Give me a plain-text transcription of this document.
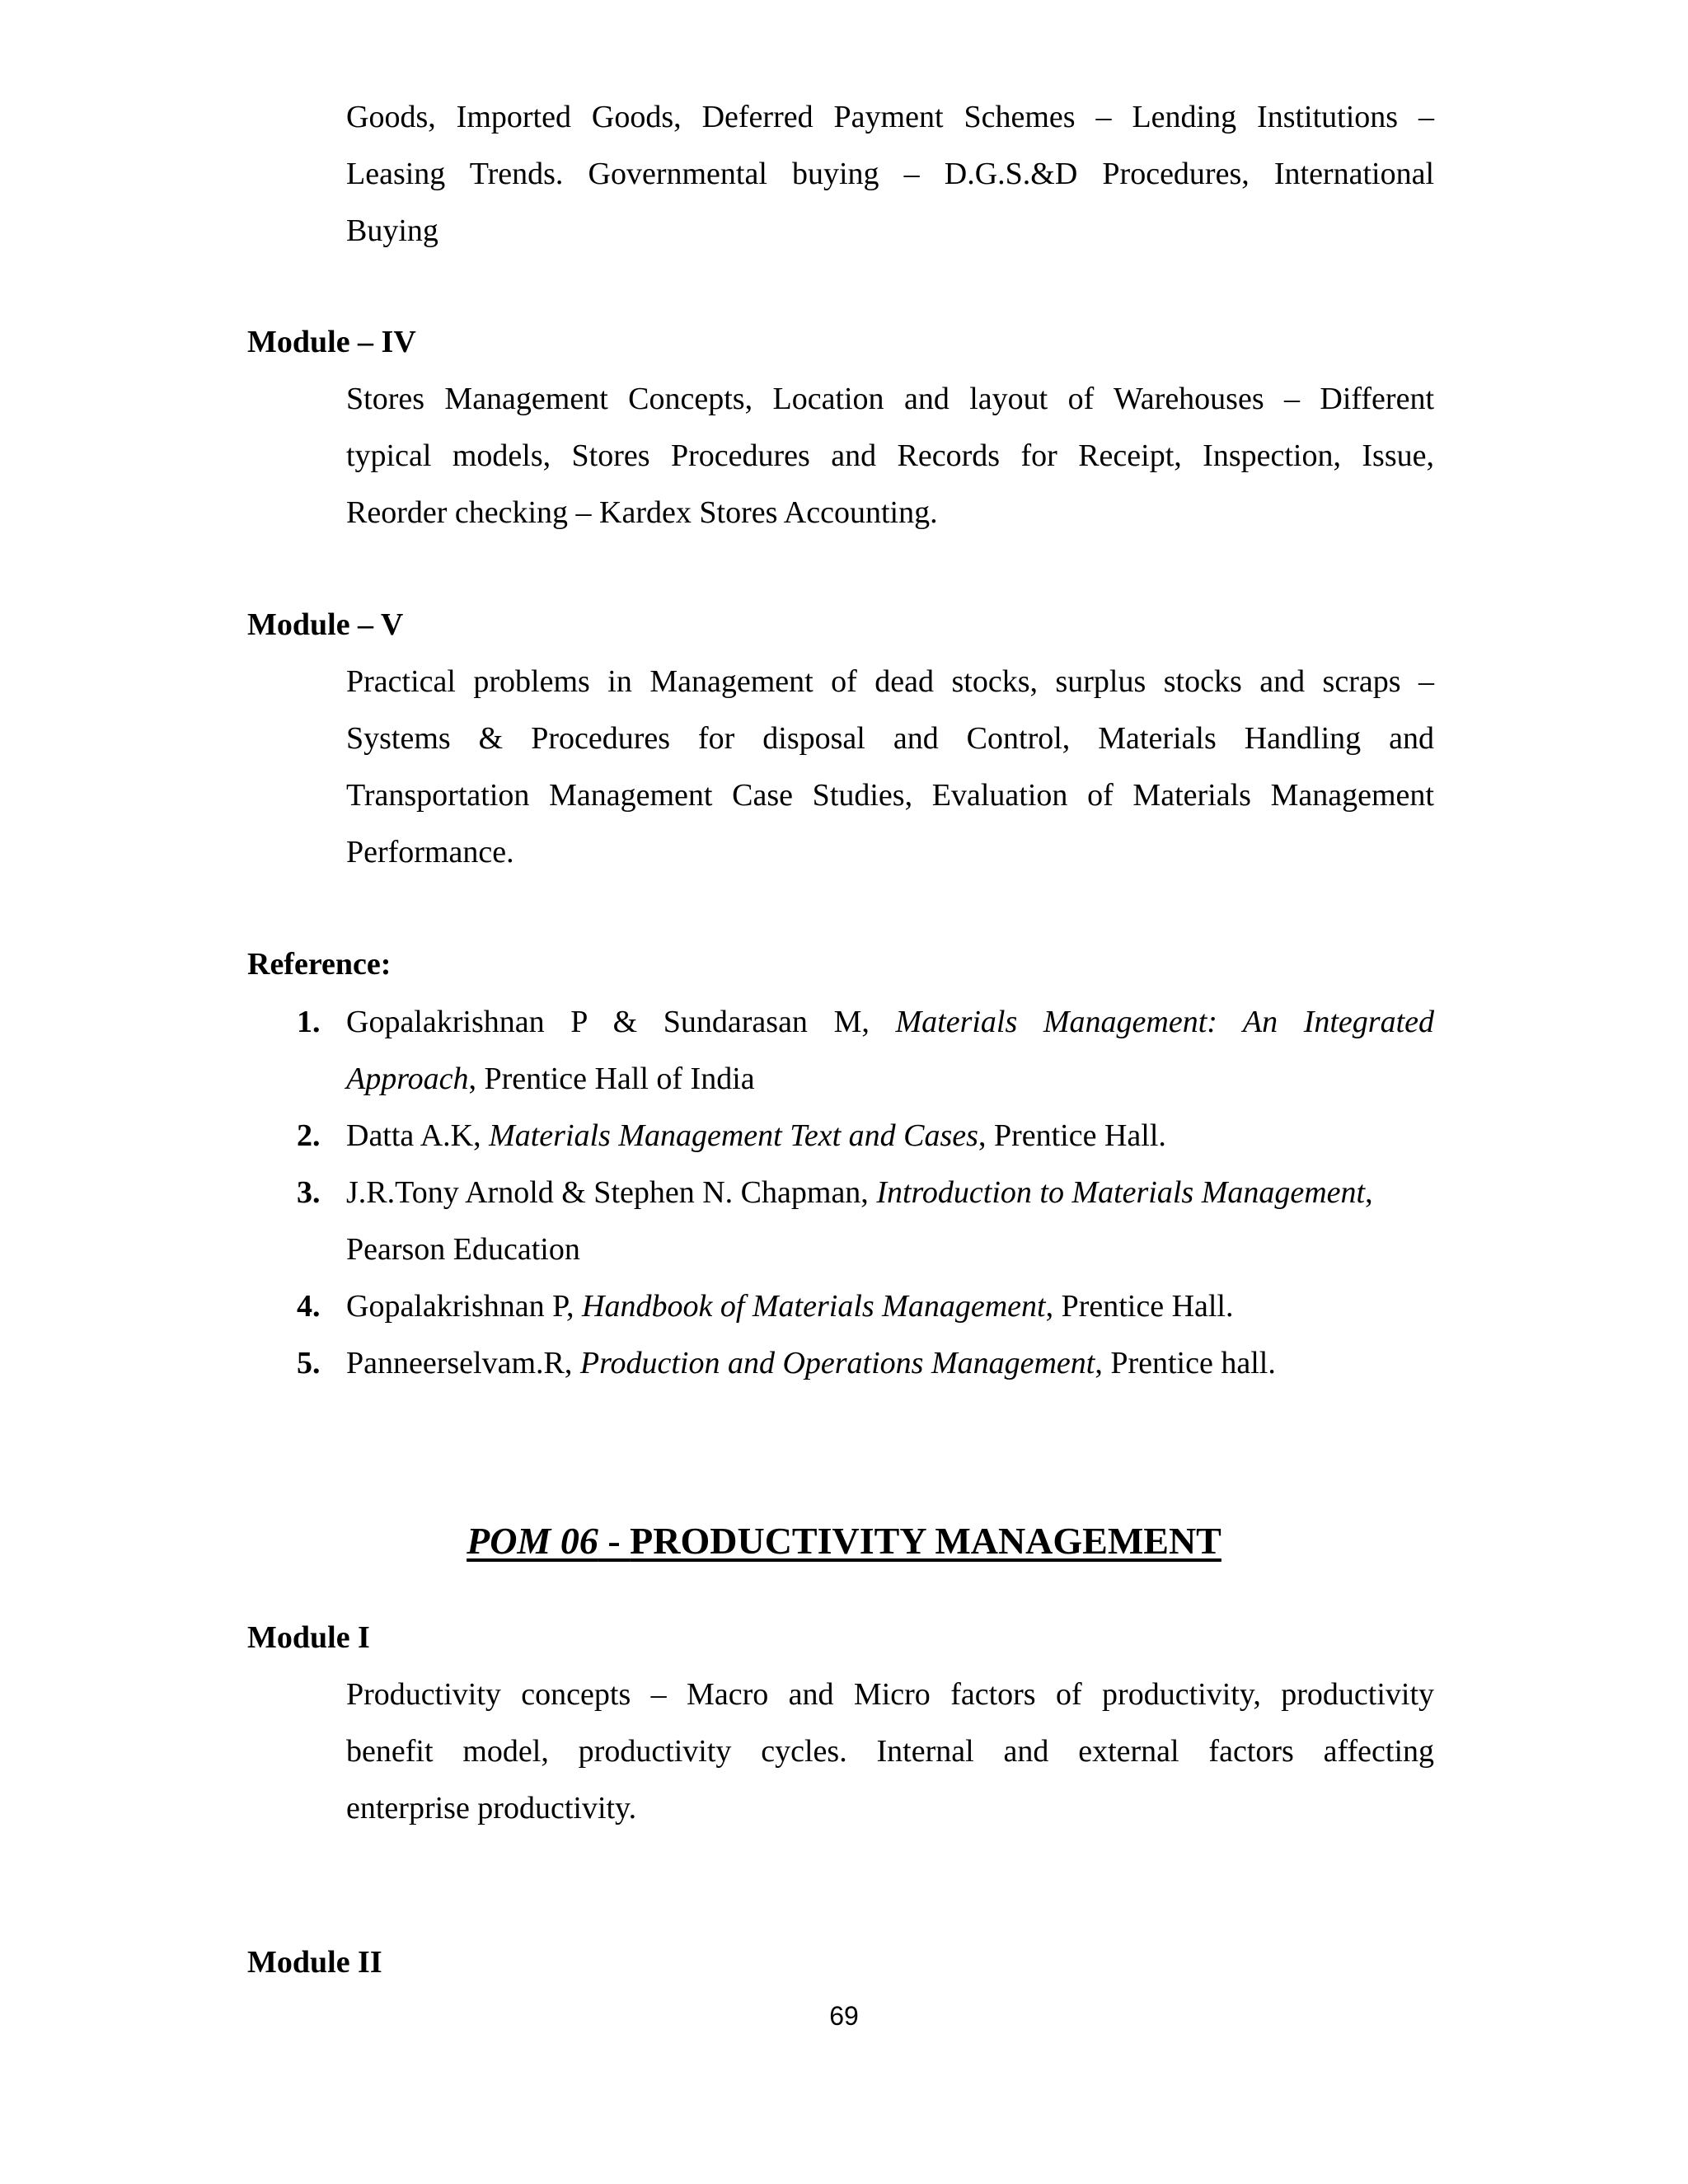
Goods, Imported Goods, Deferred Payment Schemes – Lending Institutions –
Leasing Trends. Governmental buying – D.G.S.&D Procedures, International
Buying
Module – IV
Stores Management Concepts, Location and layout of Warehouses – Different
typical models, Stores Procedures and Records for Receipt, Inspection, Issue,
Reorder checking – Kardex Stores Accounting.
Module – V
Practical problems in Management of dead stocks, surplus stocks and scraps –
Systems & Procedures for disposal and Control, Materials Handling and
Transportation Management Case Studies, Evaluation of Materials Management
Performance.
Reference:
1. Gopalakrishnan P & Sundarasan M, Materials Management: An Integrated
Approach, Prentice Hall of India
2. Datta A.K, Materials Management Text and Cases, Prentice Hall.
3. J.R.Tony Arnold & Stephen N. Chapman, Introduction to Materials Management,
Pearson Education
4. Gopalakrishnan P, Handbook of Materials Management, Prentice Hall.
5. Panneerselvam.R, Production and Operations Management, Prentice hall.
POM 06 - PRODUCTIVITY MANAGEMENT
Module I
Productivity concepts – Macro and Micro factors of productivity, productivity
benefit model, productivity cycles. Internal and external factors affecting
enterprise productivity.
Module II
69
